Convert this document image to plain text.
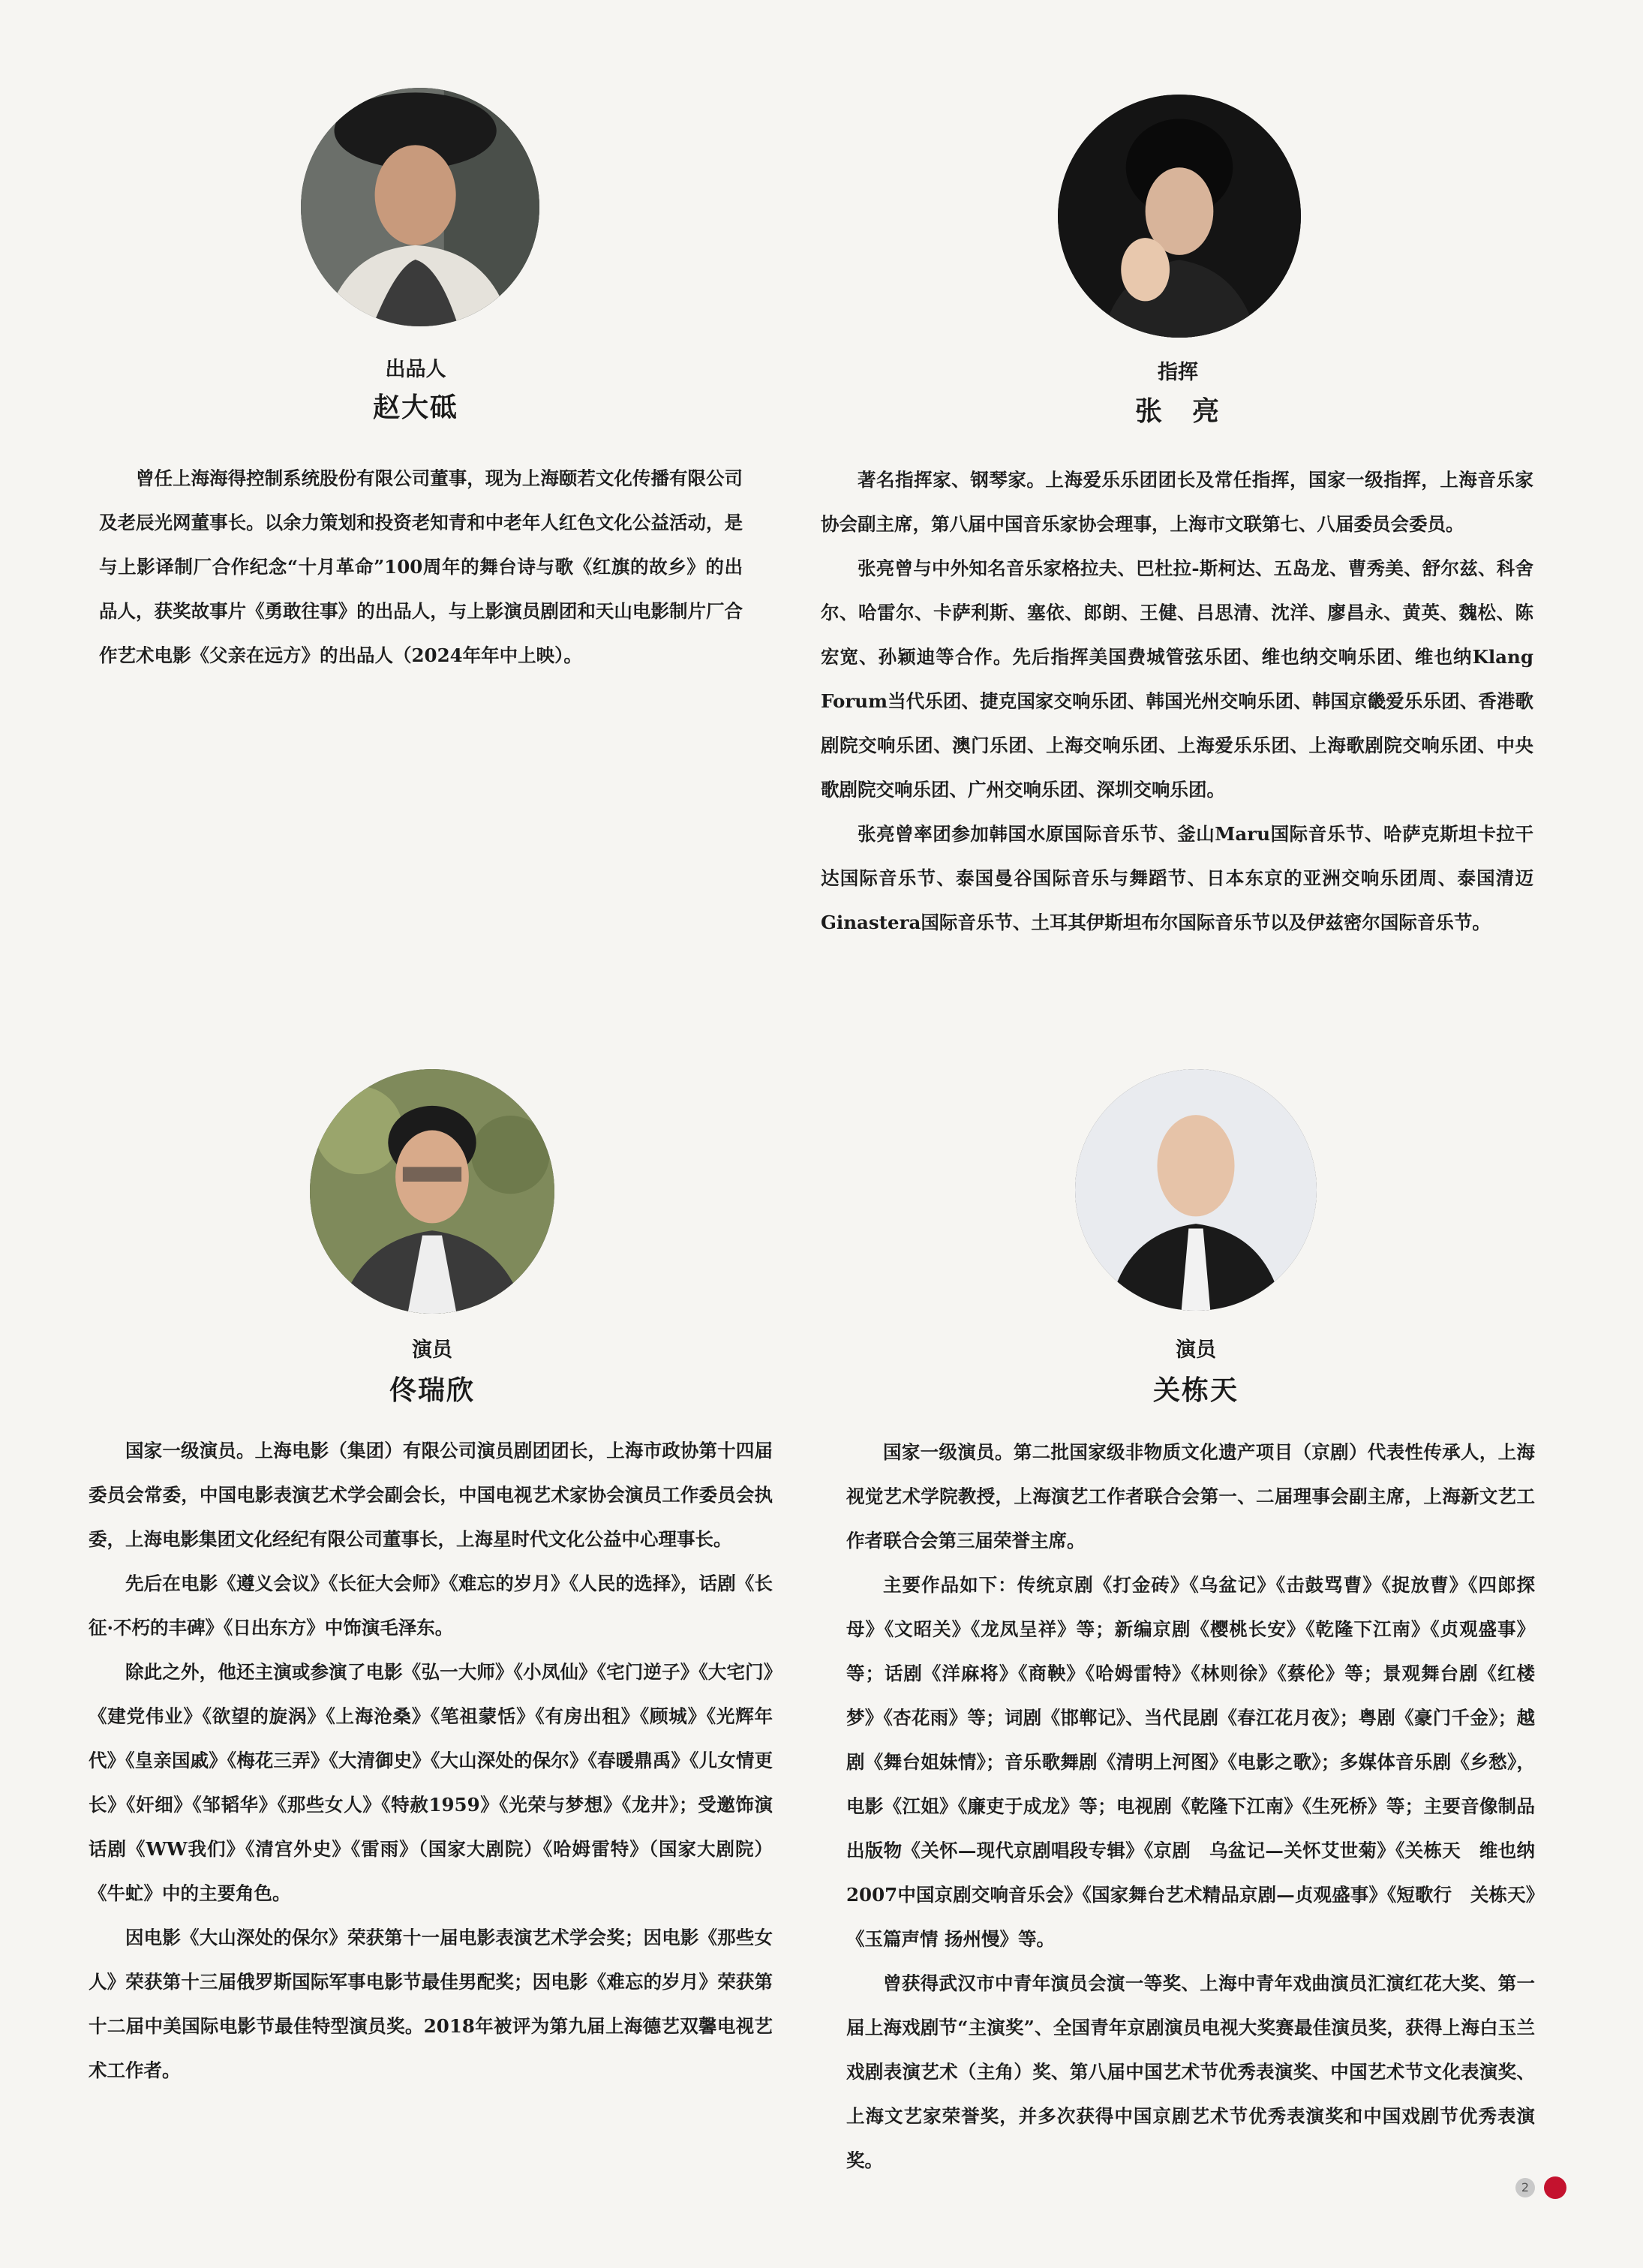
出品人
赵大砥

曾任上海海得控制系统股份有限公司董事，现为上海颐若文化传播有限公司及老辰光网董事长。以余力策划和投资老知青和中老年人红色文化公益活动，是与上影译制厂合作纪念“十月革命”100周年的舞台诗与歌《红旗的故乡》的出品人，获奖故事片《勇敢往事》的出品人，与上影演员剧团和天山电影制片厂合作艺术电影《父亲在远方》的出品人（2024年年中上映）。

指挥
张　亮

著名指挥家、钢琴家。上海爱乐乐团团长及常任指挥，国家一级指挥，上海音乐家协会副主席，第八届中国音乐家协会理事，上海市文联第七、八届委员会委员。

张亮曾与中外知名音乐家格拉夫、巴杜拉-斯柯达、五岛龙、曹秀美、舒尔兹、科舍尔、哈雷尔、卡萨利斯、塞依、郎朗、王健、吕思清、沈洋、廖昌永、黄英、魏松、陈宏宽、孙颖迪等合作。先后指挥美国费城管弦乐团、维也纳交响乐团、维也纳Klang Forum当代乐团、捷克国家交响乐团、韩国光州交响乐团、韩国京畿爱乐乐团、香港歌剧院交响乐团、澳门乐团、上海交响乐团、上海爱乐乐团、上海歌剧院交响乐团、中央歌剧院交响乐团、广州交响乐团、深圳交响乐团。

张亮曾率团参加韩国水原国际音乐节、釜山Maru国际音乐节、哈萨克斯坦卡拉干达国际音乐节、泰国曼谷国际音乐与舞蹈节、日本东京的亚洲交响乐团周、泰国清迈Ginastera国际音乐节、土耳其伊斯坦布尔国际音乐节以及伊兹密尔国际音乐节。

演员
佟瑞欣

国家一级演员。上海电影（集团）有限公司演员剧团团长，上海市政协第十四届委员会常委，中国电影表演艺术学会副会长，中国电视艺术家协会演员工作委员会执委，上海电影集团文化经纪有限公司董事长，上海星时代文化公益中心理事长。

先后在电影《遵义会议》《长征大会师》《难忘的岁月》《人民的选择》，话剧《长征·不朽的丰碑》《日出东方》中饰演毛泽东。

除此之外，他还主演或参演了电影《弘一大师》《小凤仙》《宅门逆子》《大宅门》《建党伟业》《欲望的旋涡》《上海沧桑》《笔祖蒙恬》《有房出租》《顾城》《光辉年代》《皇亲国戚》《梅花三弄》《大清御史》《大山深处的保尔》《春暖鼎禹》《儿女情更长》《奸细》《邹韬华》《那些女人》《特赦1959》《光荣与梦想》《龙井》；受邀饰演话剧《WW我们》《清宫外史》《雷雨》（国家大剧院）《哈姆雷特》（国家大剧院）《牛虻》中的主要角色。

因电影《大山深处的保尔》荣获第十一届电影表演艺术学会奖；因电影《那些女人》荣获第十三届俄罗斯国际军事电影节最佳男配奖；因电影《难忘的岁月》荣获第十二届中美国际电影节最佳特型演员奖。2018年被评为第九届上海德艺双馨电视艺术工作者。

演员
关栋天

国家一级演员。第二批国家级非物质文化遗产项目（京剧）代表性传承人，上海视觉艺术学院教授，上海演艺工作者联合会第一、二届理事会副主席，上海新文艺工作者联合会第三届荣誉主席。

主要作品如下：传统京剧《打金砖》《乌盆记》《击鼓骂曹》《捉放曹》《四郎探母》《文昭关》《龙凤呈祥》等；新编京剧《樱桃长安》《乾隆下江南》《贞观盛事》等；话剧《洋麻将》《商鞅》《哈姆雷特》《林则徐》《蔡伦》等；景观舞台剧《红楼梦》《杏花雨》等；词剧《邯郸记》、当代昆剧《春江花月夜》；粤剧《豪门千金》；越剧《舞台姐妹情》；音乐歌舞剧《清明上河图》《电影之歌》；多媒体音乐剧《乡愁》，电影《江姐》《廉吏于成龙》等；电视剧《乾隆下江南》《生死桥》等；主要音像制品出版物《关怀—现代京剧唱段专辑》《京剧　乌盆记—关怀艾世菊》《关栋天　维也纳2007中国京剧交响音乐会》《国家舞台艺术精品京剧—贞观盛事》《短歌行　关栋天》《玉篇声情 扬州慢》等。

曾获得武汉市中青年演员会演一等奖、上海中青年戏曲演员汇演红花大奖、第一届上海戏剧节“主演奖”、全国青年京剧演员电视大奖赛最佳演员奖，获得上海白玉兰戏剧表演艺术（主角）奖、第八届中国艺术节优秀表演奖、中国艺术节文化表演奖、上海文艺家荣誉奖，并多次获得中国京剧艺术节优秀表演奖和中国戏剧节优秀表演奖。

2
